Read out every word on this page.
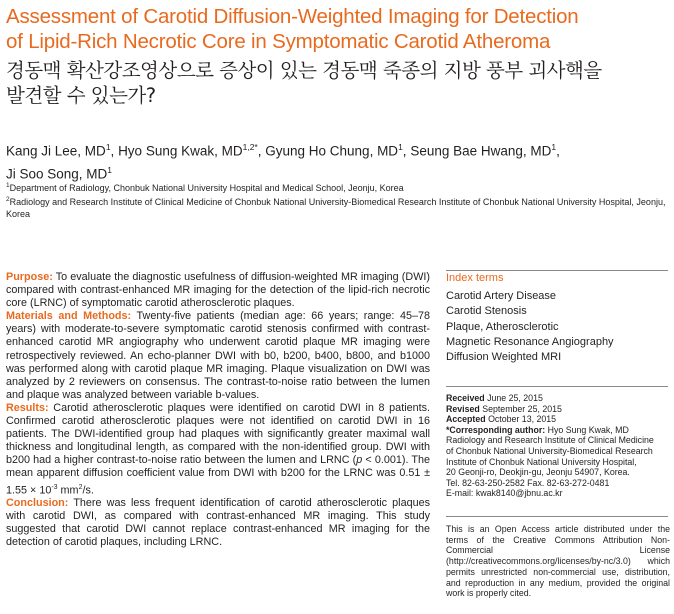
Assessment of Carotid Diffusion-Weighted Imaging for Detection
of Lipid-Rich Necrotic Core in Symptomatic Carotid Atheroma
경동맥 확산강조영상으로 증상이 있는 경동맥 죽종의 지방 풍부 괴사핵을
발견할 수 있는가?
Kang Ji Lee, $MD^1$, Hyo Sung Kwak, $MD^{1,2*}$, Gyung Ho Chung, $MD^1$, Seung Bae Hwang, $MD^1$,
Ji Soo Song, $MD^1$
$^1$Department of Radiology, Chonbuk National University Hospital and Medical School, Jeonju, Korea
$^2$Radiology and Research Institute of Clinical Medicine of Chonbuk National University-Biomedical Research Institute of Chonbuk National University Hospital, Jeonju, Korea
Purpose: To evaluate the diagnostic usefulness of diffusion-weighted MR imaging (DWI) compared with contrast-enhanced MR imaging for the detection of the lipid-rich necrotic core (LRNC) of symptomatic carotid atherosclerotic plaques.
Materials and Methods: Twenty-five patients (median age: 66 years; range: 45–78 years) with moderate-to-severe symptomatic carotid stenosis confirmed with contrast-enhanced carotid MR angiography who underwent carotid plaque MR imaging were retrospectively reviewed. An echo-planner DWI with b0, b200, b400, b800, and b1000 was performed along with carotid plaque MR imaging. Plaque visualization on DWI was analyzed by 2 reviewers on consensus. The contrast-to-noise ratio between the lumen and plaque was analyzed between variable b-values.
Results: Carotid atherosclerotic plaques were identified on carotid DWI in 8 patients. Confirmed carotid atherosclerotic plaques were not identified on carotid DWI in 16 patients. The DWI-identified group had plaques with significantly greater maximal wall thickness and longitudinal length, as compared with the non-identified group. DWI with b200 had a higher contrast-to-noise ratio between the lumen and LRNC (p < 0.001). The mean apparent diffusion coefficient value from DWI with b200 for the LRNC was $0.51 \pm 1.55 \times 10^{-3}$ $mm^2/s$.
Conclusion: There was less frequent identification of carotid atherosclerotic plaques with carotid DWI, as compared with contrast-enhanced MR imaging. This study suggested that carotid DWI cannot replace contrast-enhanced MR imaging for the detection of carotid plaques, including LRNC.
Index terms
Carotid Artery Disease
Carotid Stenosis
Plaque, Atherosclerotic
Magnetic Resonance Angiography
Diffusion Weighted MRI
Received June 25, 2015
Revised September 25, 2015
Accepted October 13, 2015
*Corresponding author: Hyo Sung Kwak, MD
Radiology and Research Institute of Clinical Medicine
of Chonbuk National University-Biomedical Research
Institute of Chonbuk National University Hospital,
20 Geonji-ro, Deokjin-gu, Jeonju 54907, Korea.
Tel. 82-63-250-2582 Fax. 82-63-272-0481
E-mail: kwak8140@jbnu.ac.kr
This is an Open Access article distributed under the terms of the Creative Commons Attribution Non-Commercial License (http://creativecommons.org/licenses/by-nc/3.0) which permits unrestricted non-commercial use, distribution, and reproduction in any medium, provided the original work is properly cited.
